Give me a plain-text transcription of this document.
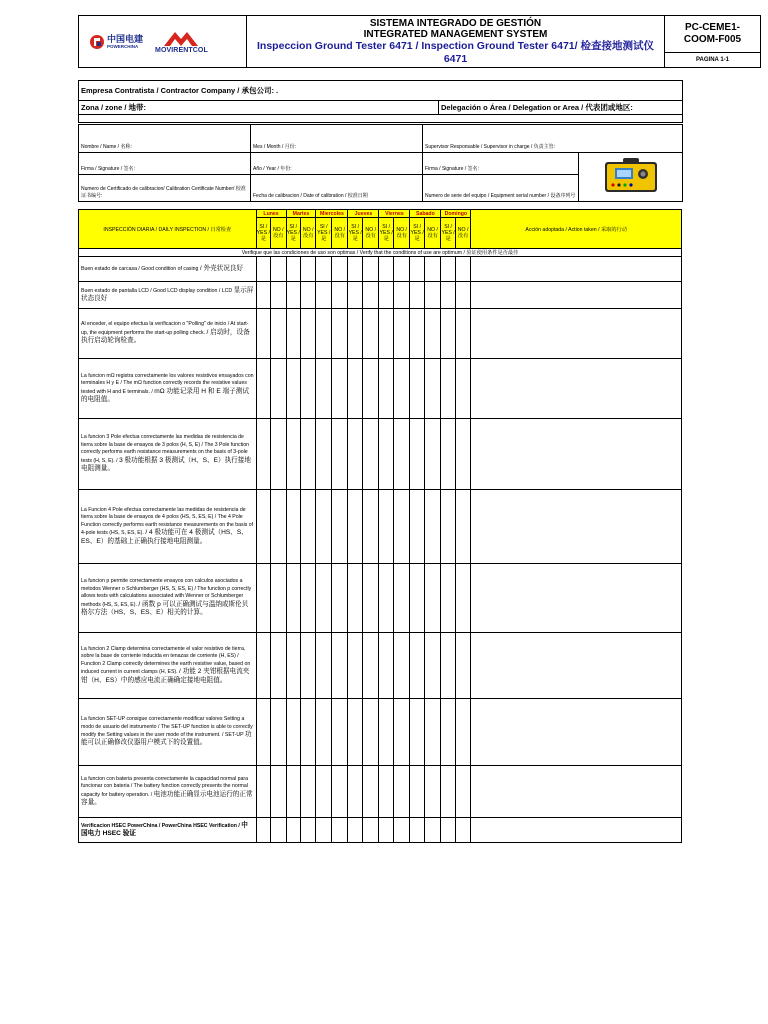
中国电建
POWERCHINA
MOVIRENTCOL

SISTEMA INTEGRADO DE GESTIÓN
INTEGRATED MANAGEMENT SYSTEM
Inspeccion Ground Tester 6471 / Inspection Ground Tester 6471/ 检查接地测试仪 6471

PC-CEME1-
COOM-F005

PAGINA 1-1
Empresa Contratista / Contractor Company / 承包公司: .
Zona / zone / 地带:	Delegación o Área / Delegation or Area / 代表团或地区:

Nombre / Name / 名称:	Mes / Month / 月份:	Supervisor Responsable / Supervisor in charge / 负责主管:	
Firma / Signature / 签名:	Año / Year / 年份:	Firma / Signature / 签名:	
Numero de Certificado de calibracion/ Calibration Certificate Number/ 校准证书编号:	Fecha de calibracion / Date of calibration / 校准日期	Numero de serie del equipo / Equipment serial number / 设备序列号	
INSPECCIÓN DIARIA / DAILY INSPECTION / 日常检查	Lunes		Martes		Miercoles		Jueves		Viernes		Sabado		Domingo		Acción adoptada / Action taken / 采取的行动
	SI / YES / 是	NO / 没有	SI / YES / 是	NO / 没有	SI / YES / 是	NO / 没有	SI / YES / 是	NO / 没有	SI / YES / 是	NO / 没有	SI / YES / 是	NO / 没有	SI / YES / 是	NO / 没有	
Verifique que las condiciones de uso son optimas / Verify that the conditions of use are optimum / 验证使用条件是否最佳															
Buen estado de carcasa / Good condition of casing / 外壳状况良好															
Buen estado de pantalla LCD / Good LCD display condition / LCD 显示屏状态良好															
Al enceder, el equipo efectua la verificacion o "Polling" de inicio / At start-up, the equipment performs the start-up polling check. / 启动时，设备执行启动轮询检查。															
La funcion mΩ registra correctamente los valores resistivos ensayados con terminales H y E / The mΩ function correctly records the resistive values tested with H and E terminals. / mΩ 功能记录用 H 和 E 端子测试的电阻值。															
La funcion 3 Pole efectua correctamente las medidas de resistencia de tierra sobre la base de ensayos de 3 polos (H, S, E) / The 3 Pole function correctly performs earth resistance measurements on the basis of 3-pole tests (H, S, E). / 3 极功能根据 3 极测试（H、S、E）执行接地电阻测量。															
La Funcion 4 Pole efectua correctamente las medidas de resistencia de tierra sobre la base de ensayos de 4 polos (HS, S, ES, E) / The 4 Pole Function correctly performs earth resistance measurements on the basis of 4-pole tests (HS, S, ES, E). / 4 极功能可在 4 极测试（HS、S、ES、E）的基础上正确执行接地电阻测量。															
La funcion p permite correctamente ensayos con calculos asociados a metodos Wenner o Schlumberger (HS, S, ES, E) / The function p correctly allows tests with calculations associated with Wenner or Schlumberger methods (HS, S, ES, E). / 函数 p 可以正确测试与温纳或斯伦贝格尔方法（HS、S、ES、E）相关的计算。															
La funcion 2 Clamp determina correctamente el valor resistivo de tierra, sobre la base de corriente inducida en tenazas de corriente (H, ES) / Function 2 Clamp correctly determines the earth resistive value, based on induced current in current clamps (H, ES). / 功能 2 夹钳根据电流夹钳（H、ES）中的感应电流正确确定接地电阻值。															
La funcion SET-UP consigue correctamente modificar valores Setting a modo de usuario del instrumento / The SET-UP function is able to correctly modify the Setting values in the user mode of the instrument. / SET-UP 功能可以正确修改仪器用户模式下的设置值。															
La funcion con bateria presenta correctamente la capacidad normal para funcionar con bateria / The battery function correctly presents the normal capacity for battery operation. / 电池功能正确显示电池运行的正常容量。															
Verificacion HSEC PowerChina / PowerChina HSEC Verification / 中国电力 HSEC 验证															
